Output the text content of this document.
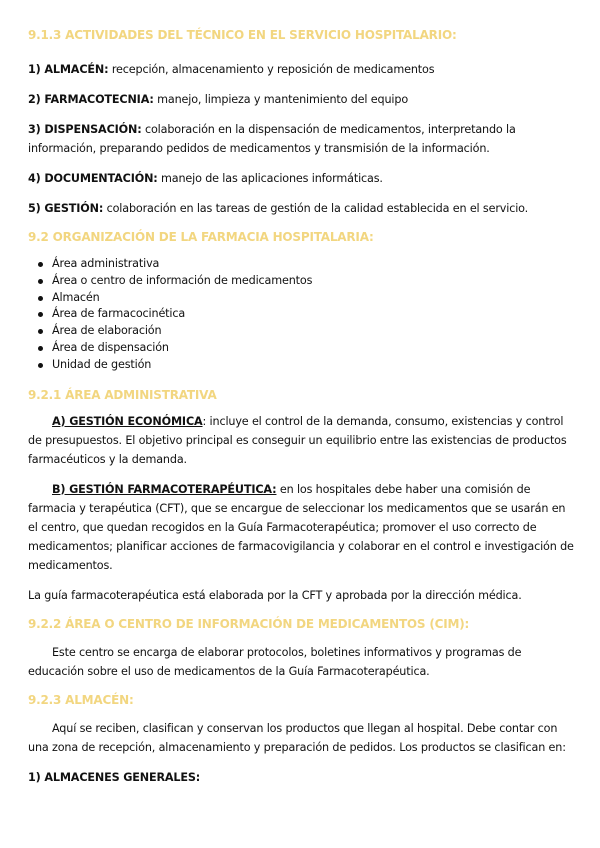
9.1.3 ACTIVIDADES DEL TÉCNICO EN EL SERVICIO HOSPITALARIO:

1) ALMACÉN: recepción, almacenamiento y reposición de medicamentos

2) FARMACOTECNIA: manejo, limpieza y mantenimiento del equipo

3) DISPENSACIÓN: colaboración en la dispensación de medicamentos, interpretando la información, preparando pedidos de medicamentos y transmisión de la información.

4) DOCUMENTACIÓN: manejo de las aplicaciones informáticas.

5) GESTIÓN: colaboración en las tareas de gestión de la calidad establecida en el servicio.

9.2 ORGANIZACIÓN DE LA FARMACIA HOSPITALARIA:

Área administrativa
Área o centro de información de medicamentos
Almacén
Área de farmacocinética
Área de elaboración
Área de dispensación
Unidad de gestión

9.2.1 ÁREA ADMINISTRATIVA

A) GESTIÓN ECONÓMICA: incluye el control de la demanda, consumo, existencias y control de presupuestos. El objetivo principal es conseguir un equilibrio entre las existencias de productos farmacéuticos y la demanda.

B) GESTIÓN FARMACOTERAPÉUTICA: en los hospitales debe haber una comisión de farmacia y terapéutica (CFT), que se encargue de seleccionar los medicamentos que se usarán en el centro, que quedan recogidos en la Guía Farmacoterapéutica; promover el uso correcto de medicamentos; planificar acciones de farmacovigilancia y colaborar en el control e investigación de medicamentos.

La guía farmacoterapéutica está elaborada por la CFT y aprobada por la dirección médica.

9.2.2 ÁREA O CENTRO DE INFORMACIÓN DE MEDICAMENTOS (CIM):

Este centro se encarga de elaborar protocolos, boletines informativos y programas de educación sobre el uso de medicamentos de la Guía Farmacoterapéutica.

9.2.3 ALMACÉN:

Aquí se reciben, clasifican y conservan los productos que llegan al hospital. Debe contar con una zona de recepción, almacenamiento y preparación de pedidos. Los productos se clasifican en:

1) ALMACENES GENERALES:
